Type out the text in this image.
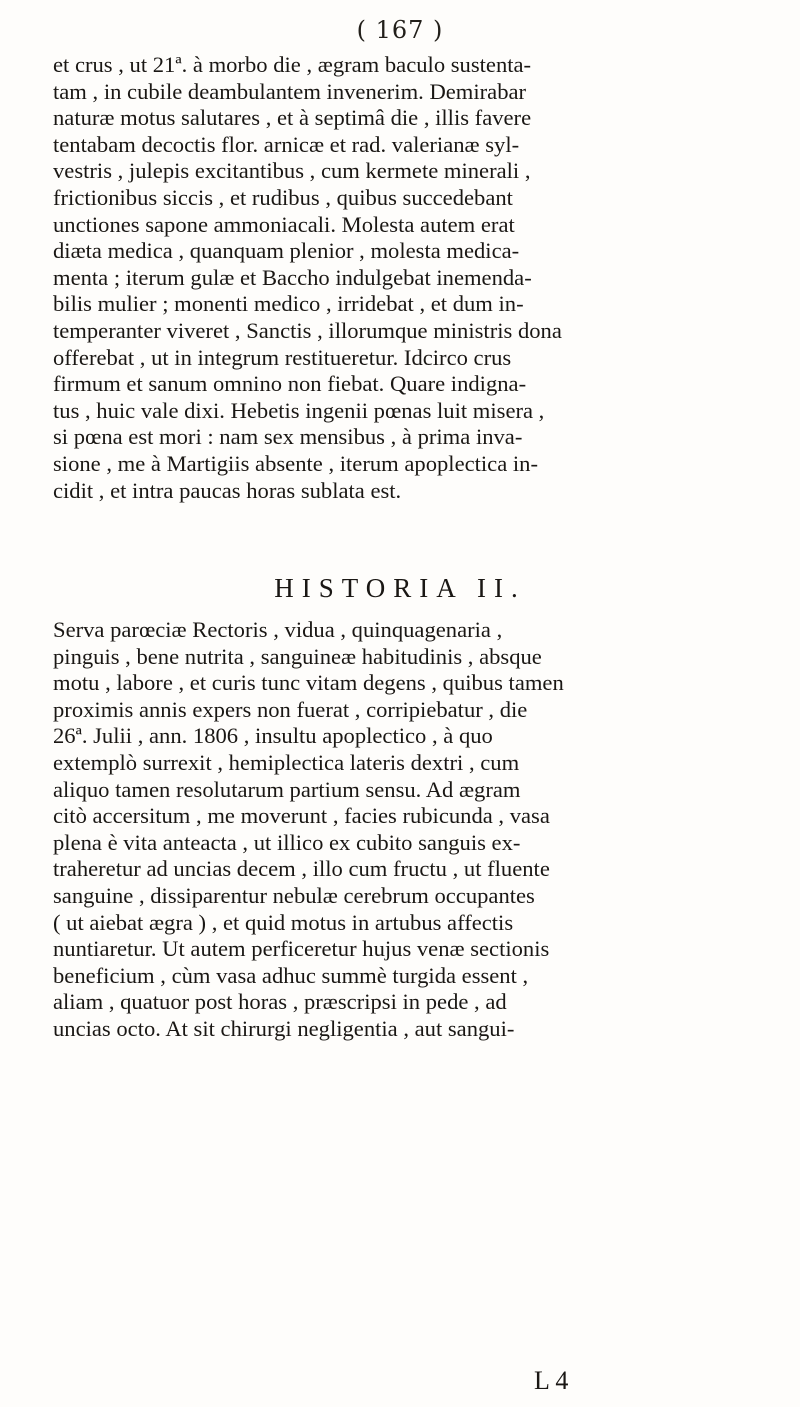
( 167 )
et crus , ut 21ª. à morbo die , ægram baculo sustenta-
tam , in cubile deambulantem invenerim. Demirabar
naturæ motus salutares , et à septimâ die , illis favere
tentabam decoctis flor. arnicæ et rad. valerianæ syl-
vestris , julepis excitantibus , cum kermete minerali ,
frictionibus siccis , et rudibus , quibus succedebant
unctiones sapone ammoniacali. Molesta autem erat
diæta medica , quanquam plenior , molesta medica-
menta ; iterum gulæ et Baccho indulgebat inemenda-
bilis mulier ; monenti medico , irridebat , et dum in-
temperanter viveret , Sanctis , illorumque ministris dona
offerebat , ut in integrum restitueretur. Idcirco crus
firmum et sanum omnino non fiebat. Quare indigna-
tus , huic vale dixi. Hebetis ingenii pœnas luit misera ,
si pœna est mori : nam sex mensibus , à prima inva-
sione , me à Martigiis absente , iterum apoplectica in-
cidit , et intra paucas horas sublata est.
HISTORIA II.
Serva parœciæ Rectoris , vidua , quinquagenaria ,
pinguis , bene nutrita , sanguineæ habitudinis , absque
motu , labore , et curis tunc vitam degens , quibus tamen
proximis annis expers non fuerat , corripiebatur , die
26ª. Julii , ann. 1806 , insultu apoplectico , à quo
extemplò surrexit , hemiplectica lateris dextri , cum
aliquo tamen resolutarum partium sensu. Ad ægram
citò accersitum , me moverunt , facies rubicunda , vasa
plena è vita anteacta , ut illico ex cubito sanguis ex-
traheretur ad uncias decem , illo cum fructu , ut fluente
sanguine , dissiparentur nebulæ cerebrum occupantes
( ut aiebat ægra ) , et quid motus in artubus affectis
nuntiaretur. Ut autem perficeretur hujus venæ sectionis
beneficium , cùm vasa adhuc summè turgida essent ,
aliam , quatuor post horas , præscripsi in pede , ad
uncias octo. At sit chirurgi negligentia , aut sangui-
L 4
